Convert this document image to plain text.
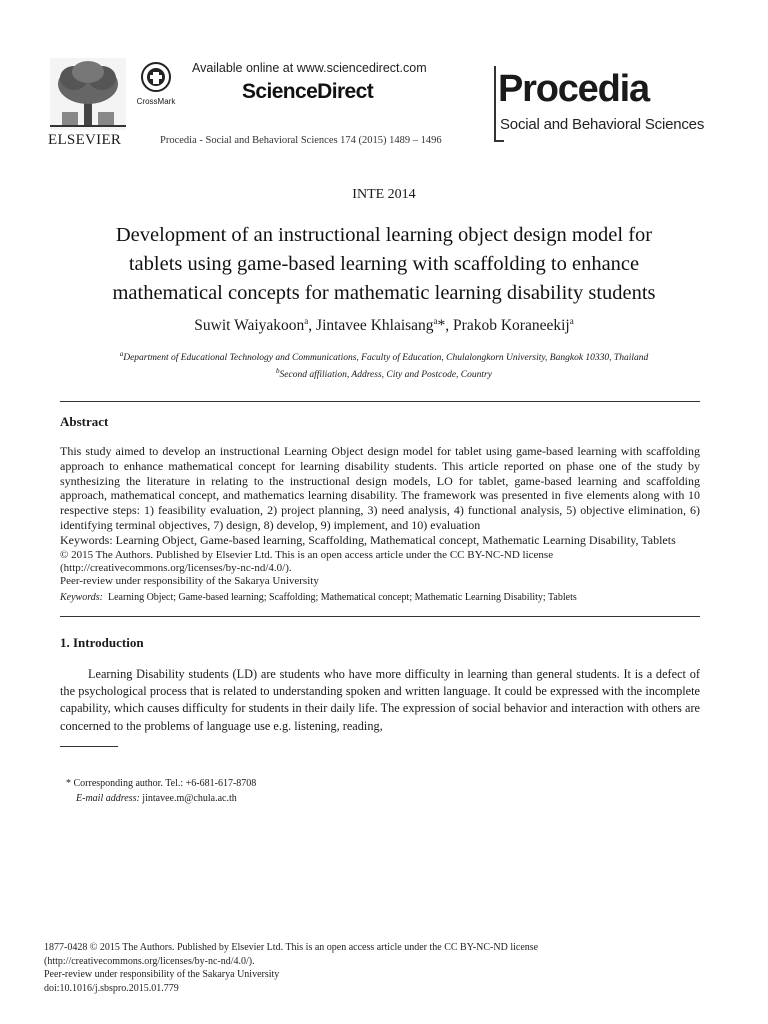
ELSEVIER
CrossMark
Available online at www.sciencedirect.com
ScienceDirect
Procedia - Social and Behavioral Sciences 174 (2015) 1489 – 1496
Procedia
Social and Behavioral Sciences
INTE 2014
Development of an instructional learning object design model for
tablets using game-based learning with scaffolding to enhance
mathematical concepts for mathematic learning disability students
Suwit Waiyakoon$^a$, Jintavee Khlaisang$^a$*, Prakob Koraneekij$^a$
$^a$Department of Educational Technology and Communications, Faculty of Education, Chulalongkorn University, Bangkok 10330, Thailand
$^b$Second affiliation, Address, City and Postcode, Country
Abstract
This study aimed to develop an instructional Learning Object design model for tablet using game-based learning with scaffolding approach to enhance mathematical concept for learning disability students. This article reported on phase one of the study by synthesizing the literature in relating to the instructional design models, LO for tablet, game-based learning and scaffolding approach, mathematical concept, and mathematics learning disability. The framework was presented in five elements along with 10 respective steps: 1) feasibility evaluation, 2) project planning, 3) need analysis, 4) functional analysis, 5) objective elimination, 6) identifying terminal objectives, 7) design, 8) develop, 9) implement, and 10) evaluation
Keywords: Learning Object, Game-based learning, Scaffolding, Mathematical concept, Mathematic Learning Disability, Tablets
© 2015 The Authors. Published by Elsevier Ltd. This is an open access article under the CC BY-NC-ND license
(http://creativecommons.org/licenses/by-nc-nd/4.0/).
Peer-review under responsibility of the Sakarya University
Keywords: Learning Object; Game-based learning; Scaffolding; Mathematical concept; Mathematic Learning Disability; Tablets
1. Introduction
Learning Disability students (LD) are students who have more difficulty in learning than general students. It is a defect of the psychological process that is related to understanding spoken and written language. It could be expressed with the incomplete capability, which causes difficulty for students in their daily life. The expression of social behavior and interaction with others are concerned to the problems of language use e.g. listening, reading,
* Corresponding author. Tel.: +6-681-617-8708
E-mail address: jintavee.m@chula.ac.th
1877-0428 © 2015 The Authors. Published by Elsevier Ltd. This is an open access article under the CC BY-NC-ND license
(http://creativecommons.org/licenses/by-nc-nd/4.0/).
Peer-review under responsibility of the Sakarya University
doi:10.1016/j.sbspro.2015.01.779
